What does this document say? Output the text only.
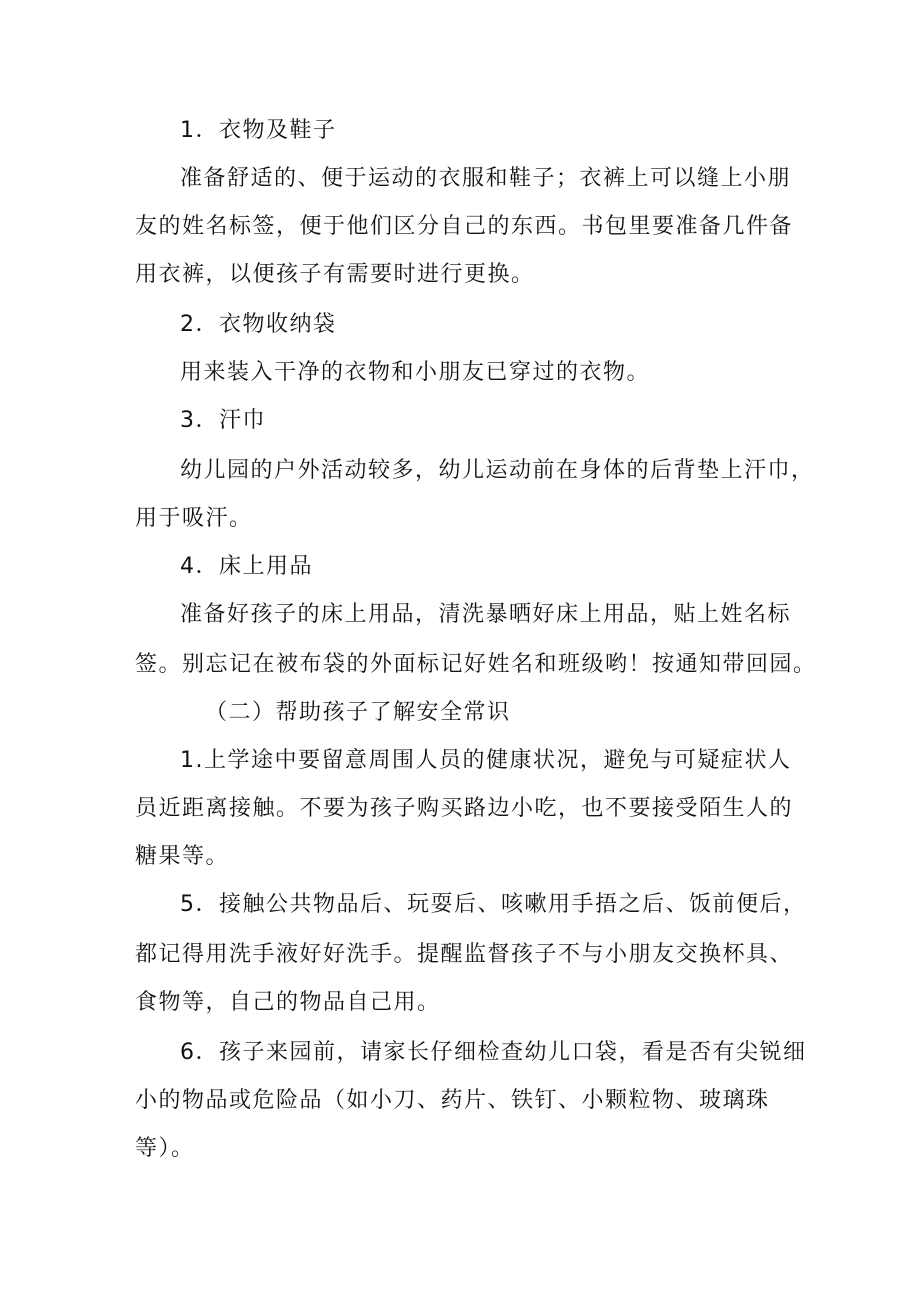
1．衣物及鞋子
准备舒适的、便于运动的衣服和鞋子；衣裤上可以缝上小朋
友的姓名标签，便于他们区分自己的东西。书包里要准备几件备
用衣裤，以便孩子有需要时进行更换。
2．衣物收纳袋
用来装入干净的衣物和小朋友已穿过的衣物。
3．汗巾
幼儿园的户外活动较多，幼儿运动前在身体的后背垫上汗巾，
用于吸汗。
4．床上用品
准备好孩子的床上用品，清洗暴晒好床上用品，贴上姓名标
签。别忘记在被布袋的外面标记好姓名和班级哟！按通知带回园。
（二）帮助孩子了解安全常识
1.上学途中要留意周围人员的健康状况，避免与可疑症状人
员近距离接触。不要为孩子购买路边小吃，也不要接受陌生人的
糖果等。
5．接触公共物品后、玩耍后、咳嗽用手捂之后、饭前便后，
都记得用洗手液好好洗手。提醒监督孩子不与小朋友交换杯具、
食物等，自己的物品自己用。
6．孩子来园前，请家长仔细检查幼儿口袋，看是否有尖锐细
小的物品或危险品（如小刀、药片、铁钉、小颗粒物、玻璃珠
等）。
